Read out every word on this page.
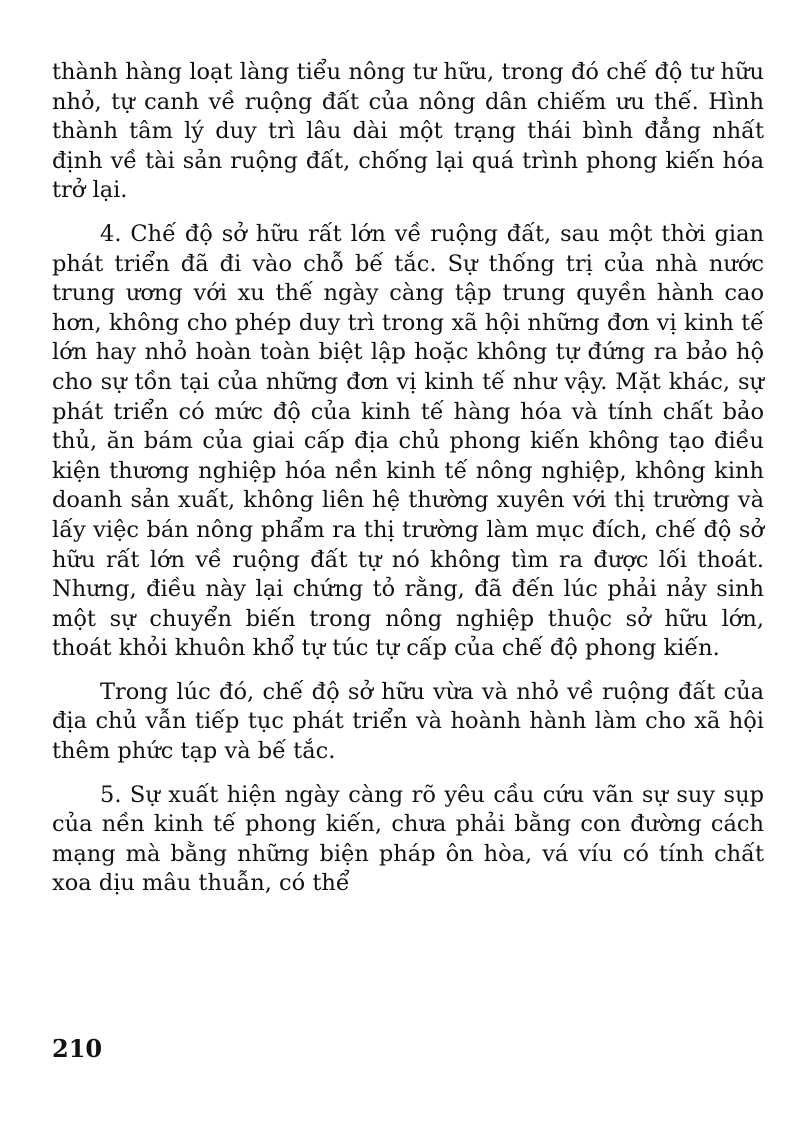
thành hàng loạt làng tiểu nông tư hữu, trong đó chế độ tư hữu nhỏ, tự canh về ruộng đất của nông dân chiếm ưu thế. Hình thành tâm lý duy trì lâu dài một trạng thái bình đẳng nhất định về tài sản ruộng đất, chống lại quá trình phong kiến hóa trở lại.

4. Chế độ sở hữu rất lớn về ruộng đất, sau một thời gian phát triển đã đi vào chỗ bế tắc. Sự thống trị của nhà nước trung ương với xu thế ngày càng tập trung quyền hành cao hơn, không cho phép duy trì trong xã hội những đơn vị kinh tế lớn hay nhỏ hoàn toàn biệt lập hoặc không tự đứng ra bảo hộ cho sự tồn tại của những đơn vị kinh tế như vậy. Mặt khác, sự phát triển có mức độ của kinh tế hàng hóa và tính chất bảo thủ, ăn bám của giai cấp địa chủ phong kiến không tạo điều kiện thương nghiệp hóa nền kinh tế nông nghiệp, không kinh doanh sản xuất, không liên hệ thường xuyên với thị trường và lấy việc bán nông phẩm ra thị trường làm mục đích, chế độ sở hữu rất lớn về ruộng đất tự nó không tìm ra được lối thoát. Nhưng, điều này lại chứng tỏ rằng, đã đến lúc phải nảy sinh một sự chuyển biến trong nông nghiệp thuộc sở hữu lớn, thoát khỏi khuôn khổ tự túc tự cấp của chế độ phong kiến.

Trong lúc đó, chế độ sở hữu vừa và nhỏ về ruộng đất của địa chủ vẫn tiếp tục phát triển và hoành hành làm cho xã hội thêm phức tạp và bế tắc.

5. Sự xuất hiện ngày càng rõ yêu cầu cứu vãn sự suy sụp của nền kinh tế phong kiến, chưa phải bằng con đường cách mạng mà bằng những biện pháp ôn hòa, vá víu có tính chất xoa dịu mâu thuẫn, có thể

210
